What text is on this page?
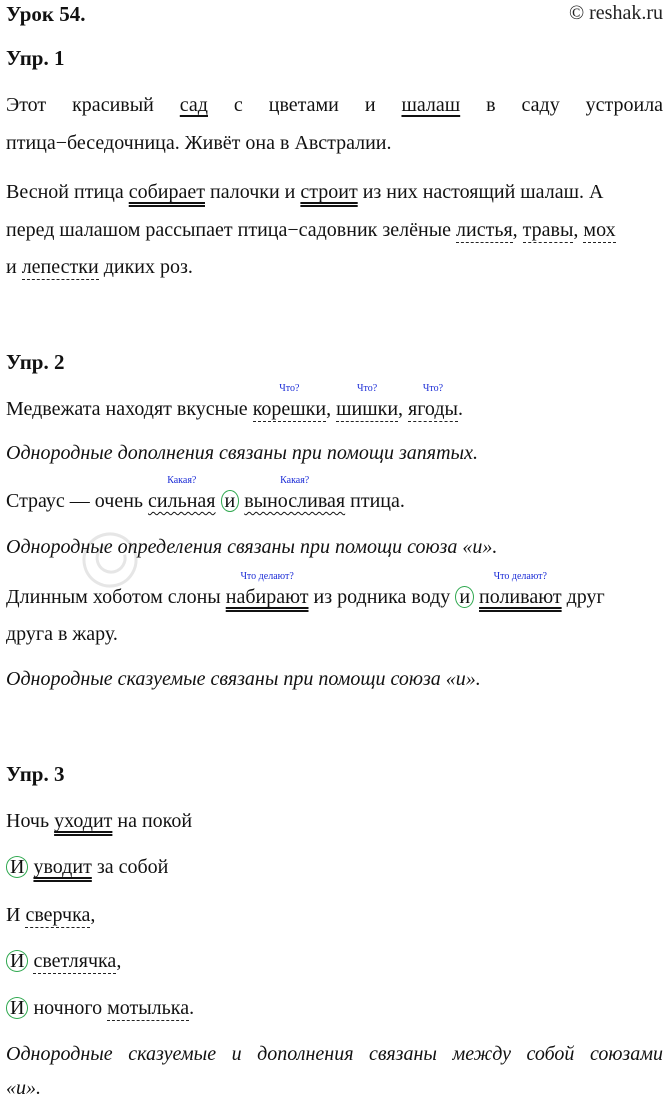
Урок 54.	© reshak.ru
Упр. 1
Этот красивый сад с цветами и шалаш в саду устроила
птица−беседочница. Живёт она в Австралии.
Весной птица собирает палочки и строит из них настоящий шалаш. А
перед шалашом рассыпает птица−садовник зелёные листья, травы, мох
и лепестки диких роз.
Упр. 2
Медвежата находят вкусные
Что?
корешки,
Что?
шишки,
Что?
ягоды.
Однородные дополнения связаны при помощи запятых.
Страус — очень
Какая?
сильная и
Какая?
выносливая птица.
Однородные определения связаны при помощи союза «и».
Длинным хоботом слоны
Что делают?
набирают из родника воду и
Что делают?
поливают друг
друга в жару.
Однородные сказуемые связаны при помощи союза «и».
Упр. 3
Ночь уходит на покой
И уводит за собой
И сверчка,
И светлячка,
И ночного мотылька.
Однородные сказуемые и дополнения связаны между собой союзами
«и».
